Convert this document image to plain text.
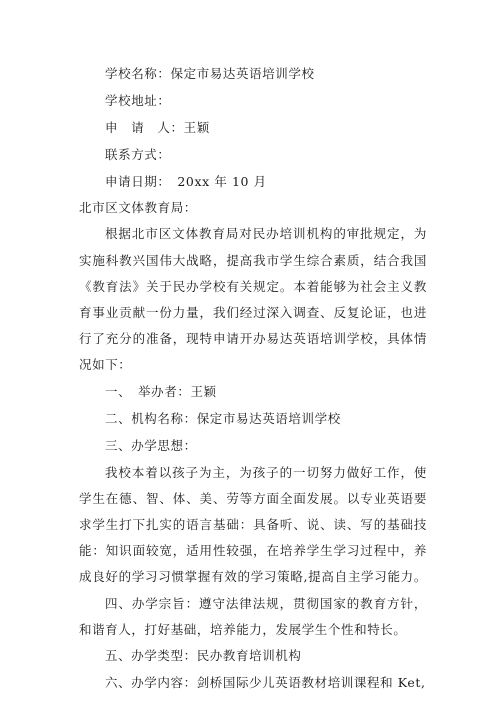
学校名称：保定市易达英语培训学校
学校地址：
申　请　人：王颖
联系方式：
申请日期：　20xx 年 10 月
北市区文体教育局：
根据北市区文体教育局对民办培训机构的审批规定，为
实施科教兴国伟大战略，提高我市学生综合素质，结合我国
《教育法》关于民办学校有关规定。本着能够为社会主义教
育事业贡献一份力量，我们经过深入调查、反复论证，也进
行了充分的准备，现特申请开办易达英语培训学校，具体情
况如下：
一、　举办者：王颖
二、机构名称：保定市易达英语培训学校
三、办学思想：
我校本着以孩子为主，为孩子的一切努力做好工作，使
学生在德、智、体、美、劳等方面全面发展。以专业英语要
求学生打下扎实的语言基础：具备听、说、读、写的基础技
能：知识面较宽，适用性较强，在培养学生学习过程中，养
成良好的学习习惯掌握有效的学习策略,提高自主学习能力。
四、办学宗旨：遵守法律法规，贯彻国家的教育方针，
和谐育人，打好基础，培养能力，发展学生个性和特长。
五、办学类型：民办教育培训机构
六、办学内容：剑桥国际少儿英语教材培训课程和 Ket,
